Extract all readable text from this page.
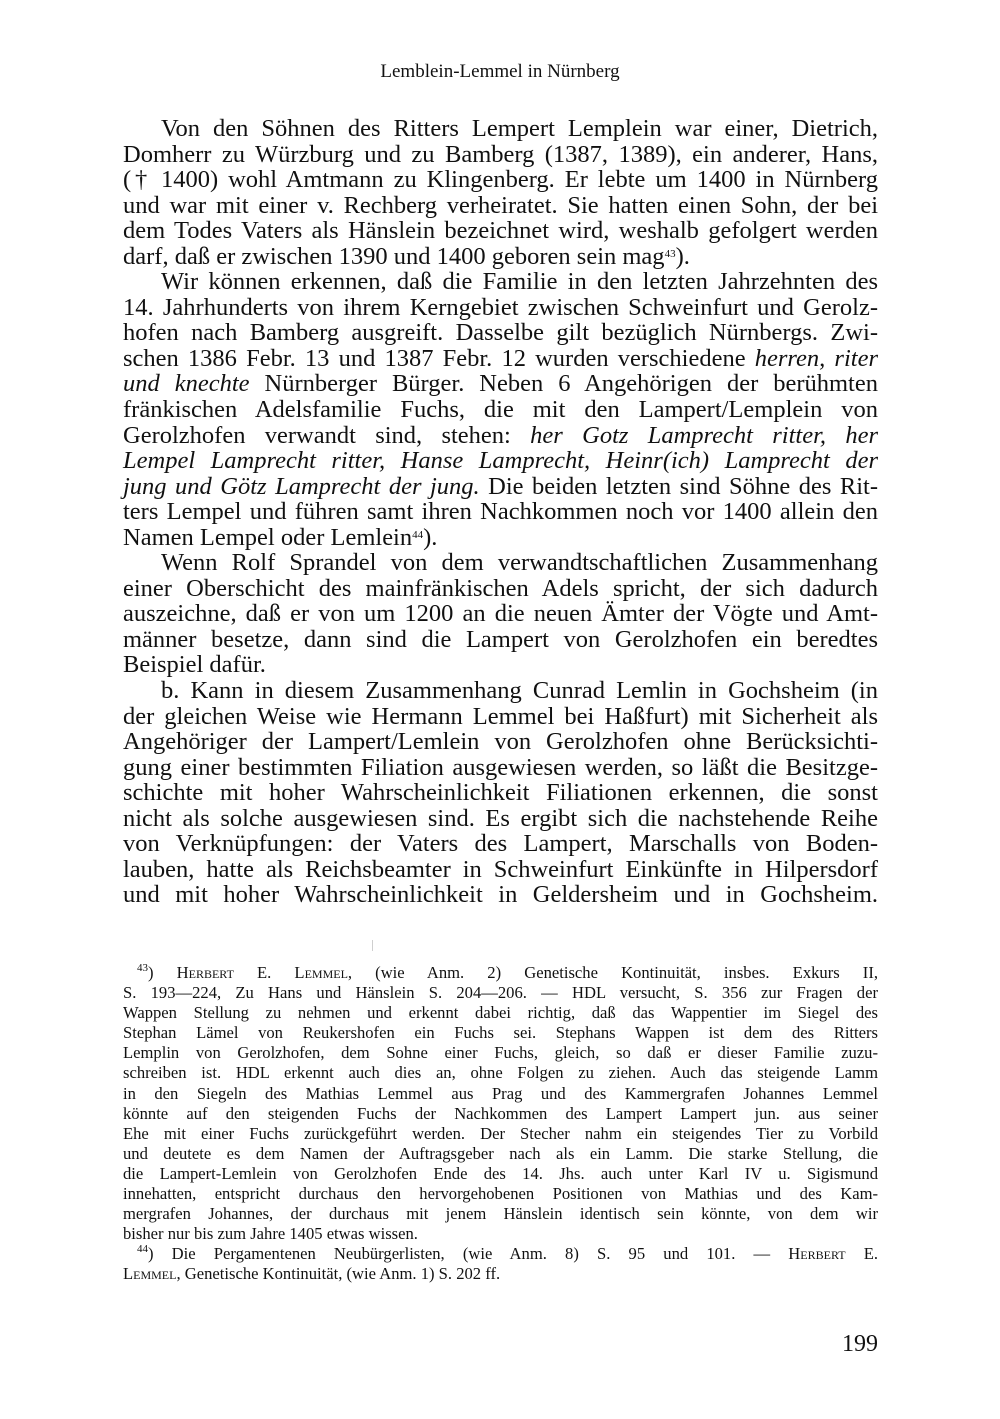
Lemblein-Lemmel in Nürnberg
Von den Söhnen des Ritters Lempert Lemplein war einer, Dietrich,
Domherr zu Würzburg und zu Bamberg (1387, 1389), ein anderer, Hans,
(† 1400) wohl Amtmann zu Klingenberg. Er lebte um 1400 in Nürnberg
und war mit einer v. Rechberg verheiratet. Sie hatten einen Sohn, der bei
dem Todes Vaters als Hänslein bezeichnet wird, weshalb gefolgert werden
darf, daß er zwischen 1390 und 1400 geboren sein mag$^{43}$).
Wir können erkennen, daß die Familie in den letzten Jahrzehnten des
14. Jahrhunderts von ihrem Kerngebiet zwischen Schweinfurt und Gerolz-
hofen nach Bamberg ausgreift. Dasselbe gilt bezüglich Nürnbergs. Zwi-
schen 1386 Febr. 13 und 1387 Febr. 12 wurden verschiedene herren, riter
und knechte Nürnberger Bürger. Neben 6 Angehörigen der berühmten
fränkischen Adelsfamilie Fuchs, die mit den Lampert/Lemplein von
Gerolzhofen verwandt sind, stehen: her Gotz Lamprecht ritter, her
Lempel Lamprecht ritter, Hanse Lamprecht, Heinr(ich) Lamprecht der
jung und Götz Lamprecht der jung. Die beiden letzten sind Söhne des Rit-
ters Lempel und führen samt ihren Nachkommen noch vor 1400 allein den
Namen Lempel oder Lemlein$^{44}$).
Wenn Rolf Sprandel von dem verwandtschaftlichen Zusammenhang
einer Oberschicht des mainfränkischen Adels spricht, der sich dadurch
auszeichne, daß er von um 1200 an die neuen Ämter der Vögte und Amt-
männer besetze, dann sind die Lampert von Gerolzhofen ein beredtes
Beispiel dafür.
b. Kann in diesem Zusammenhang Cunrad Lemlin in Gochsheim (in
der gleichen Weise wie Hermann Lemmel bei Haßfurt) mit Sicherheit als
Angehöriger der Lampert/Lemlein von Gerolzhofen ohne Berücksichti-
gung einer bestimmten Filiation ausgewiesen werden, so läßt die Besitzge-
schichte mit hoher Wahrscheinlichkeit Filiationen erkennen, die sonst
nicht als solche ausgewiesen sind. Es ergibt sich die nachstehende Reihe
von Verknüpfungen: der Vaters des Lampert, Marschalls von Boden-
lauben, hatte als Reichsbeamter in Schweinfurt Einkünfte in Hilpersdorf
und mit hoher Wahrscheinlichkeit in Geldersheim und in Gochsheim.
$^{43}$) Herbert E. Lemmel, (wie Anm. 2) Genetische Kontinuität, insbes. Exkurs II,
S. 193—224, Zu Hans und Hänslein S. 204—206. — HDL versucht, S. 356 zur Fragen der
Wappen Stellung zu nehmen und erkennt dabei richtig, daß das Wappentier im Siegel des
Stephan Lämel von Reukershofen ein Fuchs sei. Stephans Wappen ist dem des Ritters
Lemplin von Gerolzhofen, dem Sohne einer Fuchs, gleich, so daß er dieser Familie zuzu-
schreiben ist. HDL erkennt auch dies an, ohne Folgen zu ziehen. Auch das steigende Lamm
in den Siegeln des Mathias Lemmel aus Prag und des Kammergrafen Johannes Lemmel
könnte auf den steigenden Fuchs der Nachkommen des Lampert Lampert jun. aus seiner
Ehe mit einer Fuchs zurückgeführt werden. Der Stecher nahm ein steigendes Tier zu Vorbild
und deutete es dem Namen der Auftragsgeber nach als ein Lamm. Die starke Stellung, die
die Lampert-Lemlein von Gerolzhofen Ende des 14. Jhs. auch unter Karl IV u. Sigismund
innehatten, entspricht durchaus den hervorgehobenen Positionen von Mathias und des Kam-
mergrafen Johannes, der durchaus mit jenem Hänslein identisch sein könnte, von dem wir
bisher nur bis zum Jahre 1405 etwas wissen.
$^{44}$) Die Pergamentenen Neubürgerlisten, (wie Anm. 8) S. 95 und 101. — Herbert E.
Lemmel, Genetische Kontinuität, (wie Anm. 1) S. 202 ff.
199
